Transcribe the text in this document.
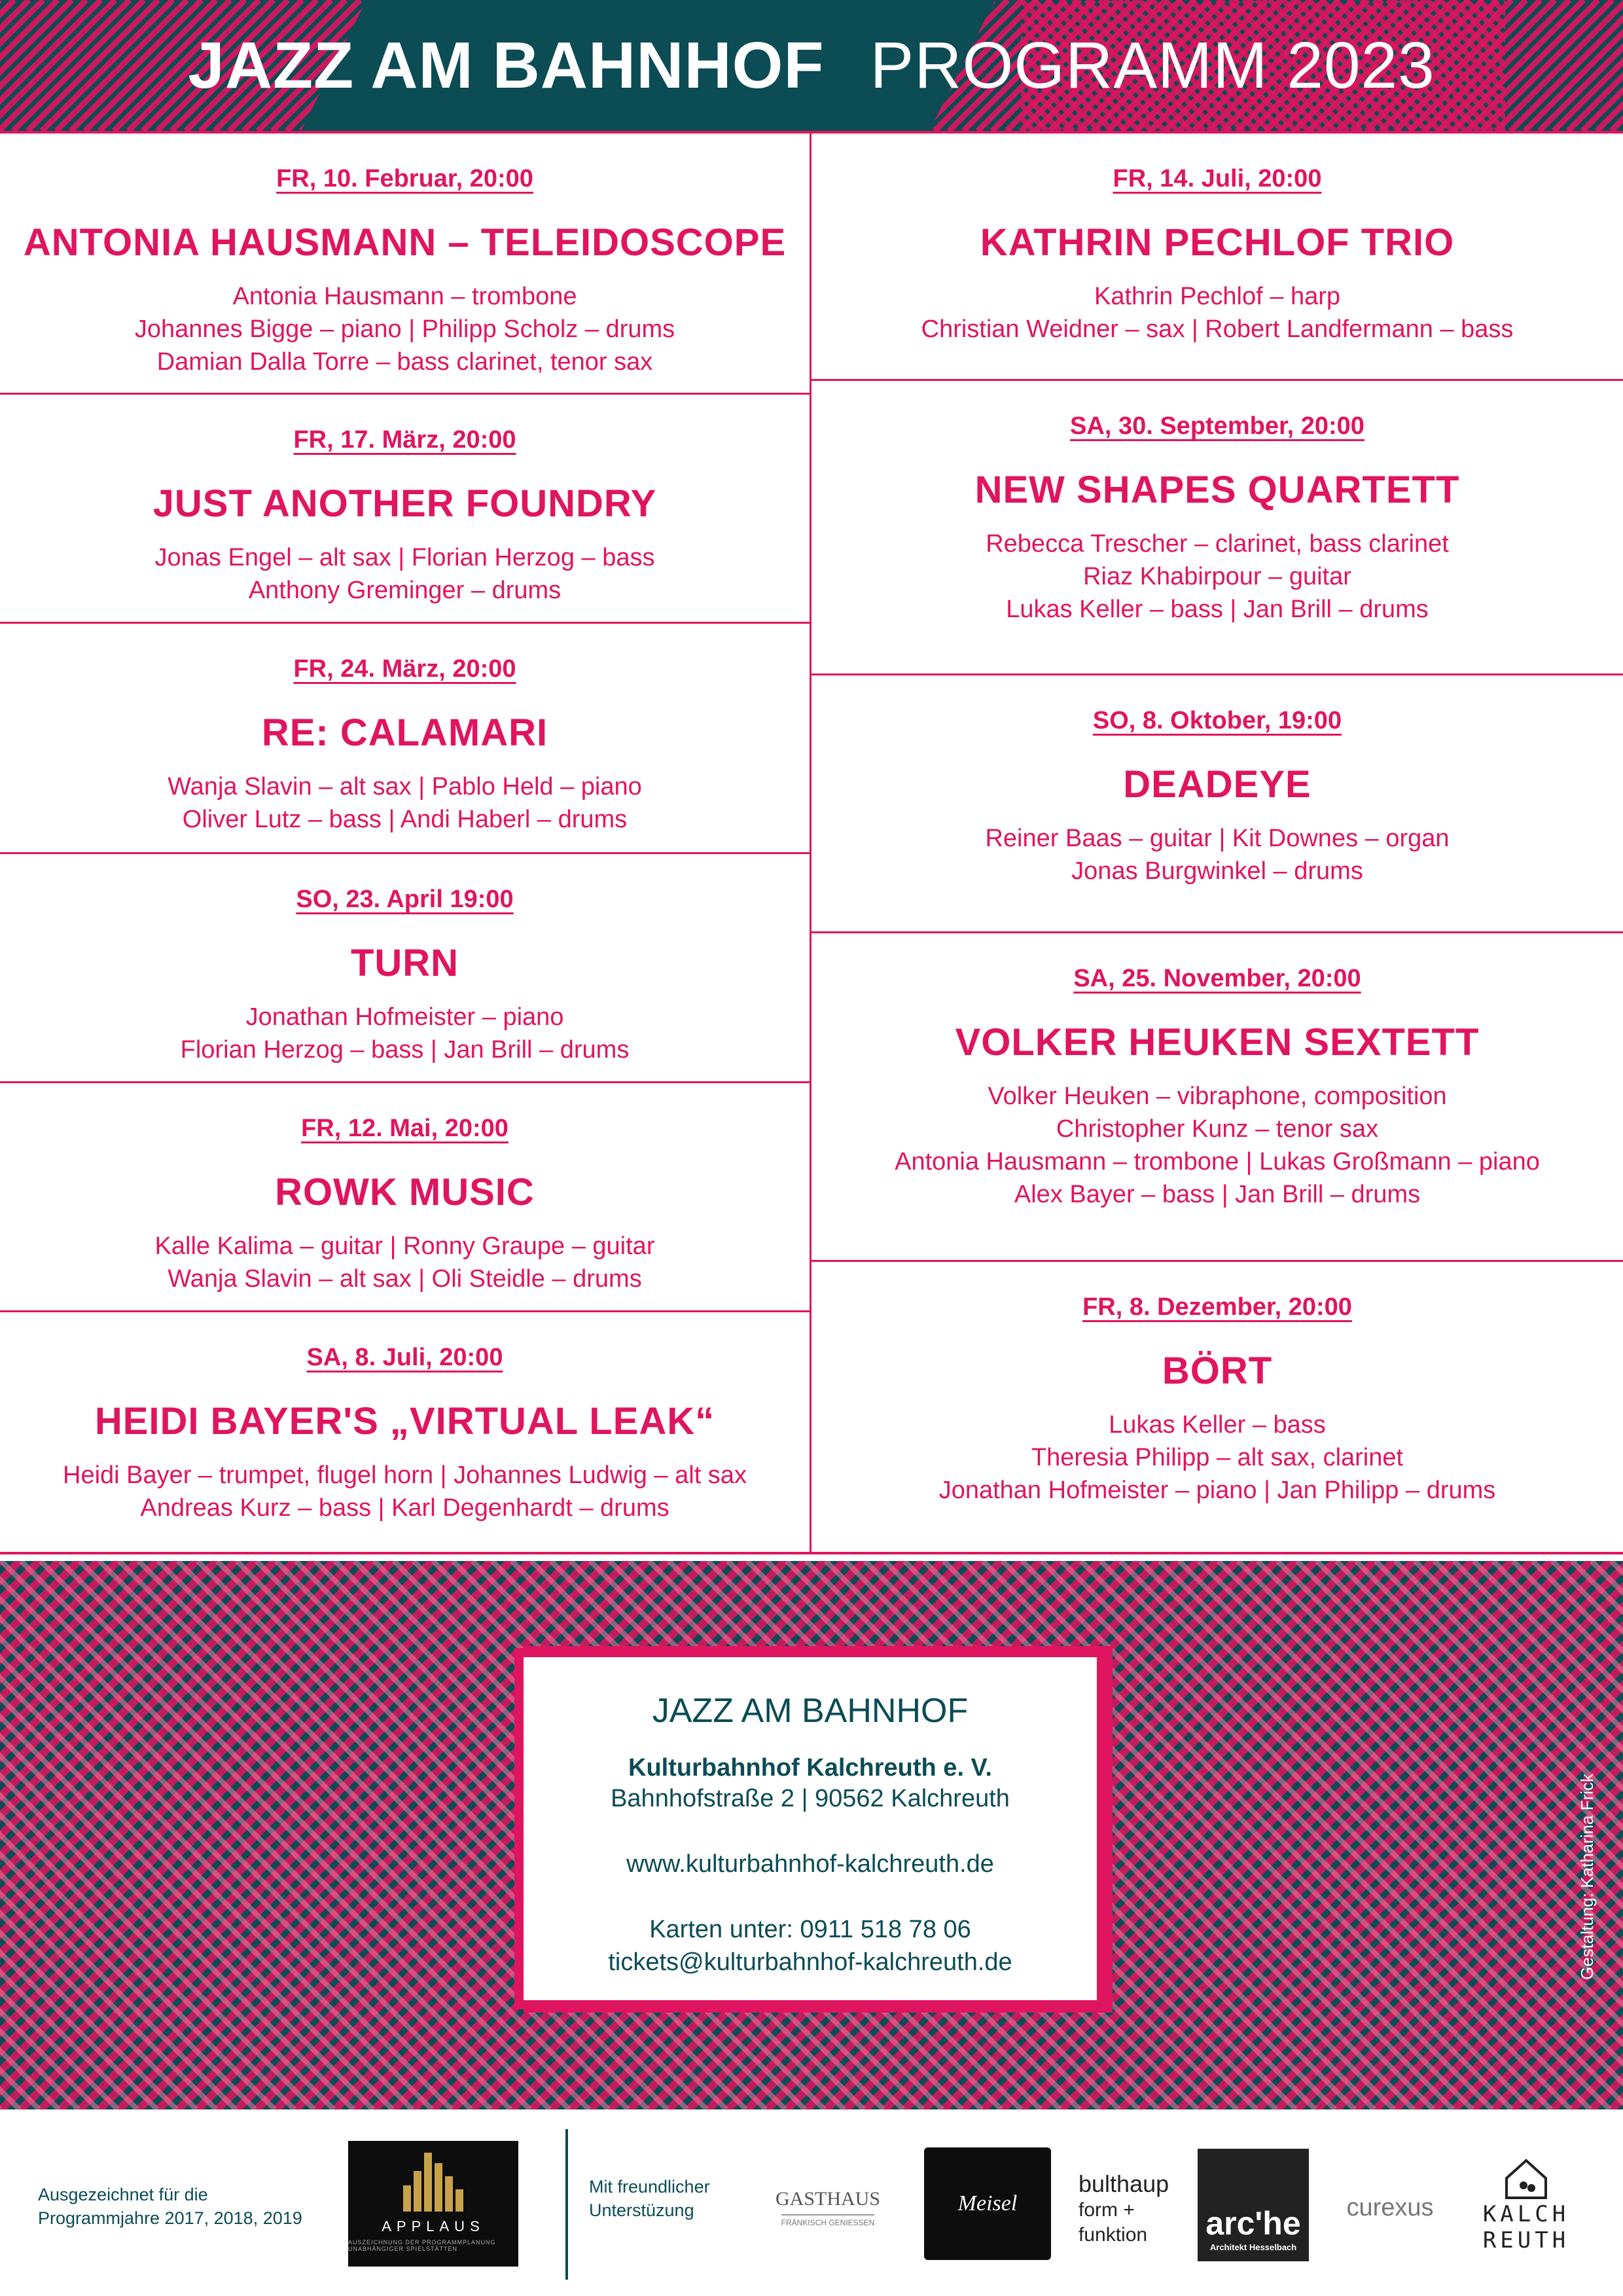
JAZZ AM BAHNHOF PROGRAMM 2023
FR, 10. Februar, 20:00
ANTONIA HAUSMANN – TELEIDOSCOPE
Antonia Hausmann – trombone
Johannes Bigge – piano | Philipp Scholz – drums
Damian Dalla Torre – bass clarinet, tenor sax
FR, 17. März, 20:00
JUST ANOTHER FOUNDRY
Jonas Engel – alt sax | Florian Herzog – bass
Anthony Greminger – drums
FR, 24. März, 20:00
RE: CALAMARI
Wanja Slavin – alt sax | Pablo Held – piano
Oliver Lutz – bass | Andi Haberl – drums
SO, 23. April 19:00
TURN
Jonathan Hofmeister – piano
Florian Herzog – bass | Jan Brill – drums
FR, 12. Mai, 20:00
ROWK MUSIC
Kalle Kalima – guitar | Ronny Graupe – guitar
Wanja Slavin – alt sax | Oli Steidle – drums
SA, 8. Juli, 20:00
HEIDI BAYER'S „VIRTUAL LEAK“
Heidi Bayer – trumpet, flugel horn | Johannes Ludwig – alt sax
Andreas Kurz – bass | Karl Degenhardt – drums
FR, 14. Juli, 20:00
KATHRIN PECHLOF TRIO
Kathrin Pechlof – harp
Christian Weidner – sax | Robert Landfermann – bass
SA, 30. September, 20:00
NEW SHAPES QUARTETT
Rebecca Trescher – clarinet, bass clarinet
Riaz Khabirpour – guitar
Lukas Keller – bass | Jan Brill – drums
SO, 8. Oktober, 19:00
DEADEYE
Reiner Baas – guitar | Kit Downes – organ
Jonas Burgwinkel – drums
SA, 25. November, 20:00
VOLKER HEUKEN SEXTETT
Volker Heuken – vibraphone, composition
Christopher Kunz – tenor sax
Antonia Hausmann – trombone | Lukas Großmann – piano
Alex Bayer – bass | Jan Brill – drums
FR, 8. Dezember, 20:00
BÖRT
Lukas Keller – bass
Theresia Philipp – alt sax, clarinet
Jonathan Hofmeister – piano | Jan Philipp – drums
JAZZ AM BAHNHOF
Kulturbahnhof Kalchreuth e. V.
Bahnhofstraße 2 | 90562 Kalchreuth
www.kulturbahnhof-kalchreuth.de
Karten unter: 0911 518 78 06
tickets@kulturbahnhof-kalchreuth.de	Gestaltung: Katharina Frick
Ausgezeichnet für die
Programmjahre 2017, 2018, 2019	APPLAUS
AUSZEICHNUNG DER PROGRAMMPLANUNG UNABHÄNGIGER SPIELSTÄTTEN
Mit freundlicher
Unterstüzung
GASTHAUS
FRÄNKISCH GENIESSEN
Meisel
bulthaup
form +
funktion arc'he
Architekt Hesselbach
curexus KALCH
REUTH
